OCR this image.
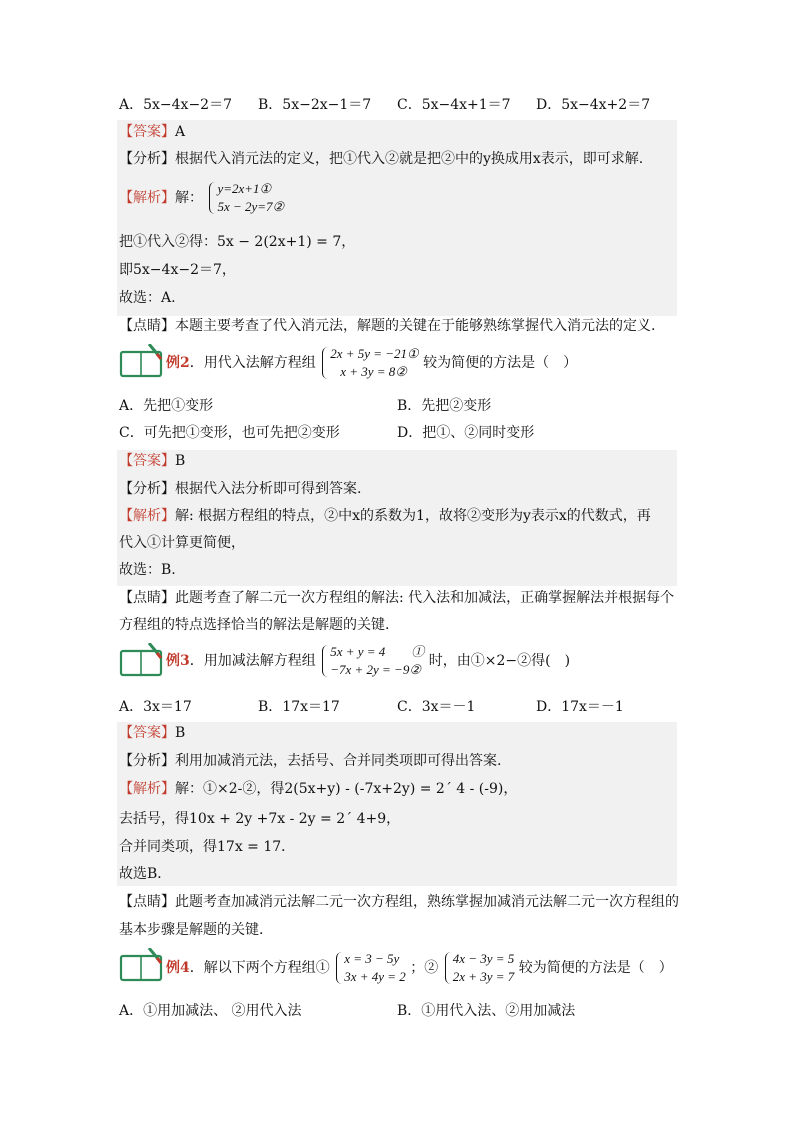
A．5x−4x−2＝7 B．5x−2x−1＝7 C．5x−4x+1＝7 D．5x−4x+2＝7
【答案】A
【分析】根据代入消元法的定义，把①代入②就是把②中的y换成用x表示，即可求解.
【解析】解：
y=2x+1①
5x − 2y=7②
把①代入②得：5x − 2(2x+1) = 7，
即5x−4x−2＝7，
故选：A.
【点睛】本题主要考查了代入消元法，解题的关键在于能够熟练掌握代入消元法的定义.
例2．用代入法解方程组
2x + 5y = −21①
x + 3y = 8②
较为简便的方法是（　）
A．先把①变形	B．先把②变形
C．可先把①变形，也可先把②变形	D．把①、②同时变形
【答案】B
【分析】根据代入法分析即可得到答案.
【解析】解: 根据方程组的特点，②中x的系数为1，故将②变形为y表示x的代数式，再
代入①计算更简便，
故选：B.
【点睛】此题考查了解二元一次方程组的解法: 代入法和加减法，正确掌握解法并根据每个
方程组的特点选择恰当的解法是解题的关键.
例3．用加减法解方程组
5x + y = 4　　①
−7x + 2y = −9②
时，由①×2−②得(　)
A．3x＝17	B．17x＝17	C．3x＝－1	D．17x＝－1
【答案】B
【分析】利用加减消元法，去括号、合并同类项即可得出答案.
【解析】解：①×2-②，得2(5x+y) - (-7x+2y) = 2´ 4 - (-9)，
去括号，得10x + 2y +7x - 2y = 2´ 4+9，
合并同类项，得17x = 17．
故选B．
【点睛】此题考查加减消元法解二元一次方程组，熟练掌握加减消元法解二元一次方程组的
基本步骤是解题的关键.
例4．解以下两个方程组①
x = 3 − 5y
3x + 4y = 2
；②
4x − 3y = 5
2x + 3y = 7
较为简便的方法是（　）
A．①用加减法、 ②用代入法	B．①用代入法、②用加减法
